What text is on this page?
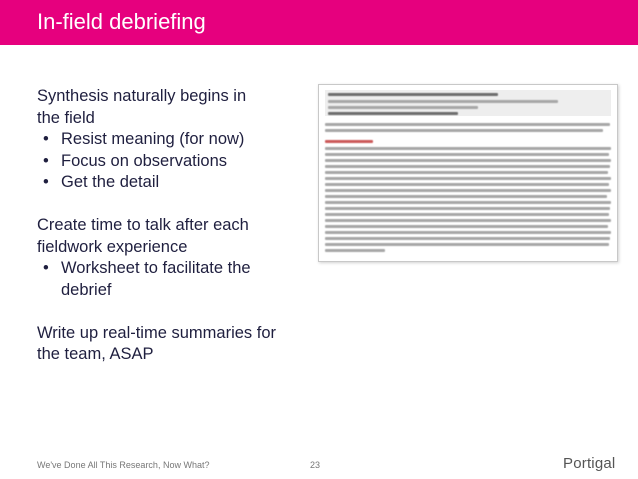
In-field debriefing

Synthesis naturally begins in

the field

• Resist meaning (for now)
• Focus on observations
• Get the detail

Create time to talk after each

fieldwork experience

• Worksheet to facilitate the
debrief

Write up real-time summaries for

the team, ASAP

We've Done All This Research, Now What?	23	Portigal
